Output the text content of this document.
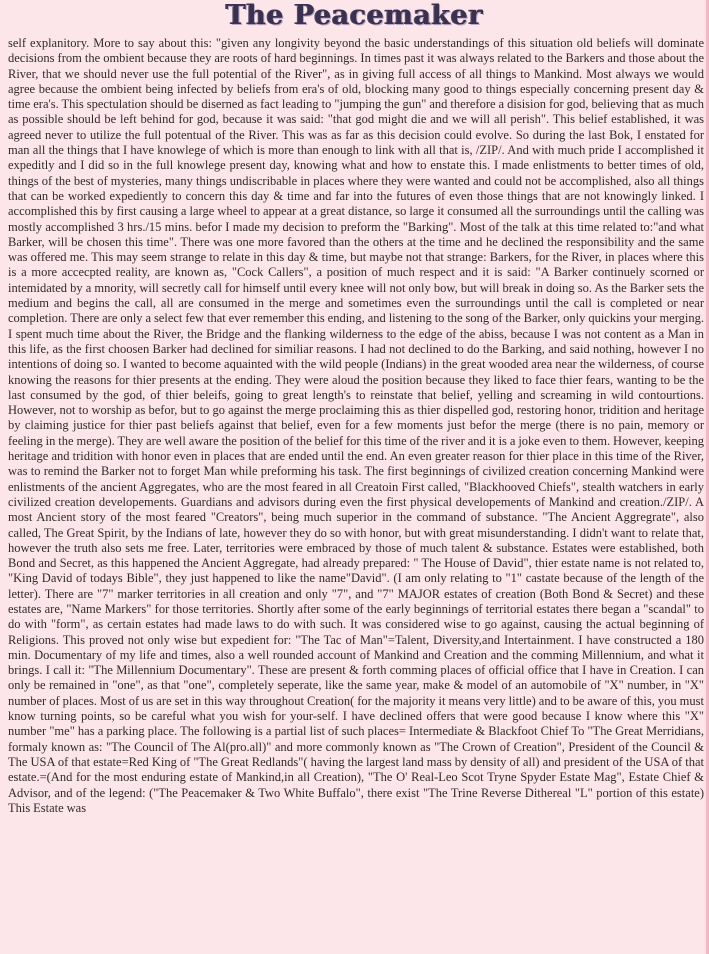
The Peacemaker

self explanitory. More to say about this: "given any longivity beyond the basic understandings of this situation old beliefs will dominate decisions from the ombient because they are roots of hard beginnings. In times past it was always related to the Barkers and those about the River, that we should never use the full potential of the River", as in giving full access of all things to Mankind. Most always we would agree because the ombient being infected by beliefs from era's of old, blocking many good to things especially concerning present day & time era's. This spectulation should be diserned as fact leading to "jumping the gun" and therefore a disision for god, believing that as much as possible should be left behind for god, because it was said: "that god might die and we will all perish". This belief established, it was agreed never to utilize the full potentual of the River. This was as far as this decision could evolve. So during the last Bok, I enstated for man all the things that I have knowlege of which is more than enough to link with all that is, /ZIP/. And with much pride I accomplished it expeditly and I did so in the full knowlege present day, knowing what and how to enstate this. I made enlistments to better times of old, things of the best of mysteries, many things undiscribable in places where they were wanted and could not be accomplished, also all things that can be worked expediently to concern this day & time and far into the futures of even those things that are not knowingly linked. I accomplished this by first causing a large wheel to appear at a great distance, so large it consumed all the surroundings until the calling was mostly accomplished 3 hrs./15 mins. befor I made my decision to preform the "Barking". Most of the talk at this time related to:"and what Barker, will be chosen this time". There was one more favored than the others at the time and he declined the responsibility and the same was offered me. This may seem strange to relate in this day & time, but maybe not that strange: Barkers, for the River, in places where this is a more accecpted reality, are known as, "Cock Callers", a position of much respect and it is said: "A Barker continuely scorned or intemidated by a mnority, will secretly call for himself until every knee will not only bow, but will break in doing so. As the Barker sets the medium and begins the call, all are consumed in the merge and sometimes even the surroundings until the call is completed or near completion. There are only a select few that ever remember this ending, and listening to the song of the Barker, only quickins your merging. I spent much time about the River, the Bridge and the flanking wilderness to the edge of the abiss, because I was not content as a Man in this life, as the first choosen Barker had declined for similiar reasons. I had not declined to do the Barking, and said nothing, however I no intentions of doing so. I wanted to become aquainted with the wild people (Indians) in the great wooded area near the wilderness, of course knowing the reasons for thier presents at the ending. They were aloud the position because they liked to face thier fears, wanting to be the last consumed by the god, of thier beleifs, going to great length's to reinstate that belief, yelling and screaming in wild contourtions. However, not to worship as befor, but to go against the merge proclaiming this as thier dispelled god, restoring honor, tridition and heritage by claiming justice for thier past beliefs against that belief, even for a few moments just befor the merge (there is no pain, memory or feeling in the merge). They are well aware the position of the belief for this time of the river and it is a joke even to them. However, keeping heritage and tridition with honor even in places that are ended until the end. An even greater reason for thier place in this time of the River, was to remind the Barker not to forget Man while preforming his task. The first beginnings of civilized creation concerning Mankind were enlistments of the ancient Aggregates, who are the most feared in all Creatoin First called, "Blackhooved Chiefs", stealth watchers in early civilized creation developements. Guardians and advisors during even the first physical developements of Mankind and creation./ZIP/. A most Ancient story of the most feared "Creators", being much superior in the command of substance. "The Ancient Aggregrate", also called, The Great Spirit, by the Indians of late, however they do so with honor, but with great misunderstanding. I didn't want to relate that, however the truth also sets me free. Later, territories were embraced by those of much talent & substance. Estates were established, both Bond and Secret, as this happened the Ancient Aggregate, had already prepared: " The House of David", thier estate name is not related to, "King David of todays Bible", they just happened to like the name"David". (I am only relating to "1" castate because of the length of the letter). There are "7" marker territories in all creation and only "7", and "7" MAJOR estates of creation (Both Bond & Secret) and these estates are, "Name Markers" for those territories. Shortly after some of the early beginnings of territorial estates there began a "scandal" to do with "form", as certain estates had made laws to do with such. It was considered wise to go against, causing the actual beginning of Religions. This proved not only wise but expedient for: "The Tac of Man"=Talent, Diversity,and Intertainment. I have constructed a 180 min. Documentary of my life and times, also a well rounded account of Mankind and Creation and the comming Millennium, and what it brings. I call it: "The Millennium Documentary". These are present & forth comming places of official office that I have in Creation. I can only be remained in "one", as that "one", completely seperate, like the same year, make & model of an automobile of "X" number, in "X" number of places. Most of us are set in this way throughout Creation( for the majority it means very little) and to be aware of this, you must know turning points, so be careful what you wish for your-self. I have declined offers that were good because I know where this "X" number "me" has a parking place. The following is a partial list of such places= Intermediate & Blackfoot Chief To "The Great Merridians, formaly known as: "The Council of The Al(pro.all)" and more commonly known as "The Crown of Creation", President of the Council & The USA of that estate=Red King of "The Great Redlands"( having the largest land mass by density of all) and president of the USA of that estate.=(And for the most enduring estate of Mankind,in all Creation), "The O' Real-Leo Scot Tryne Spyder Estate Mag", Estate Chief & Advisor, and of the legend: ("The Peacemaker & Two White Buffalo", there exist "The Trine Reverse Dithereal "L" portion of this estate) This Estate was
